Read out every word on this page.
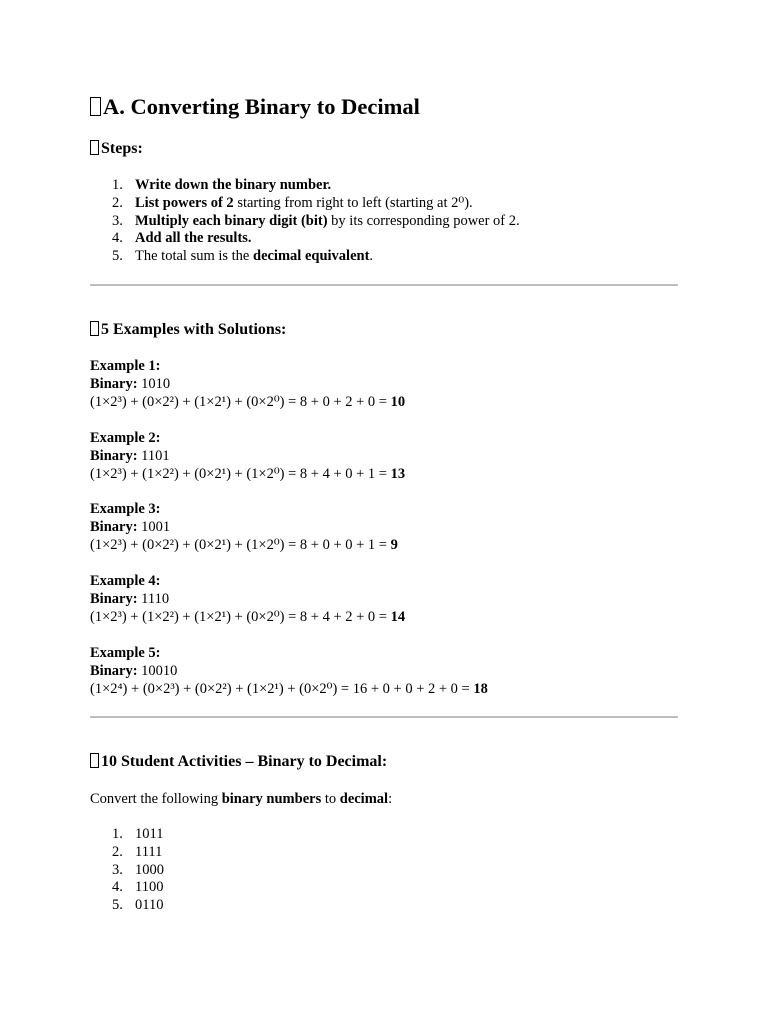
A. Converting Binary to Decimal
Steps:
1. Write down the binary number.
2. List powers of 2 starting from right to left (starting at 2⁰).
3. Multiply each binary digit (bit) by its corresponding power of 2.
4. Add all the results.
5. The total sum is the decimal equivalent.
5 Examples with Solutions:
Example 1:
Binary: 1010
(1×2³) + (0×2²) + (1×2¹) + (0×2⁰) = 8 + 0 + 2 + 0 = 10
Example 2:
Binary: 1101
(1×2³) + (1×2²) + (0×2¹) + (1×2⁰) = 8 + 4 + 0 + 1 = 13
Example 3:
Binary: 1001
(1×2³) + (0×2²) + (0×2¹) + (1×2⁰) = 8 + 0 + 0 + 1 = 9
Example 4:
Binary: 1110
(1×2³) + (1×2²) + (1×2¹) + (0×2⁰) = 8 + 4 + 2 + 0 = 14
Example 5:
Binary: 10010
(1×2⁴) + (0×2³) + (0×2²) + (1×2¹) + (0×2⁰) = 16 + 0 + 0 + 2 + 0 = 18
10 Student Activities – Binary to Decimal:
Convert the following binary numbers to decimal:
1. 1011
2. 1111
3. 1000
4. 1100
5. 0110
